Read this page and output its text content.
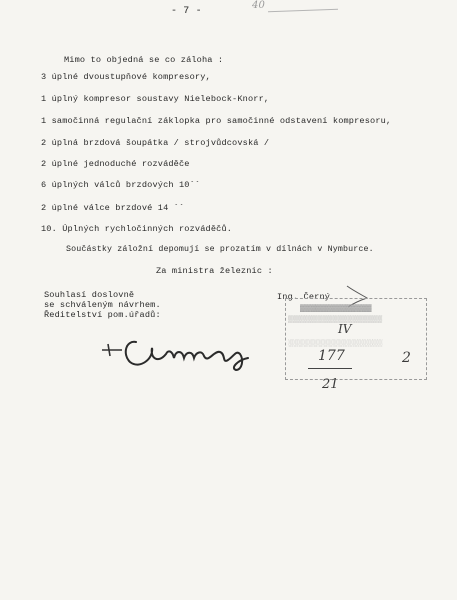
- 7 -
40
Mimo to objedná se co záloha :
3 úplné dvoustupňové kompresory,
1 úplný kompresor soustavy Nielebock-Knorr,
1 samočinná regulační záklopka pro samočinné odstavení kompresoru,
2 úplná brzdová šoupátka / strojvůdcovská /
2 úplné jednoduché rozváděče
6 úplných válců brzdových 10´´
2 úplné válce brzdové 14 ´´
10. Úplných rychločinných rozváděčů.
Součástky záložní depomují se prozatím v dílnách v Nymburce.
Za ministra železnic :
Ing. Černý
Souhlasí doslovně
se schváleným návrhem.
Ředitelství pom.úřadů:
▓▓▓▓▓▓▓▓▓▓▓▓▓▓
▒▒▒▒▒▒▒▒▒▒▒▒▒▒▒▒▒▒▒
IV
░░░░░░░░░░░░░░░░░░░
177	2
21
